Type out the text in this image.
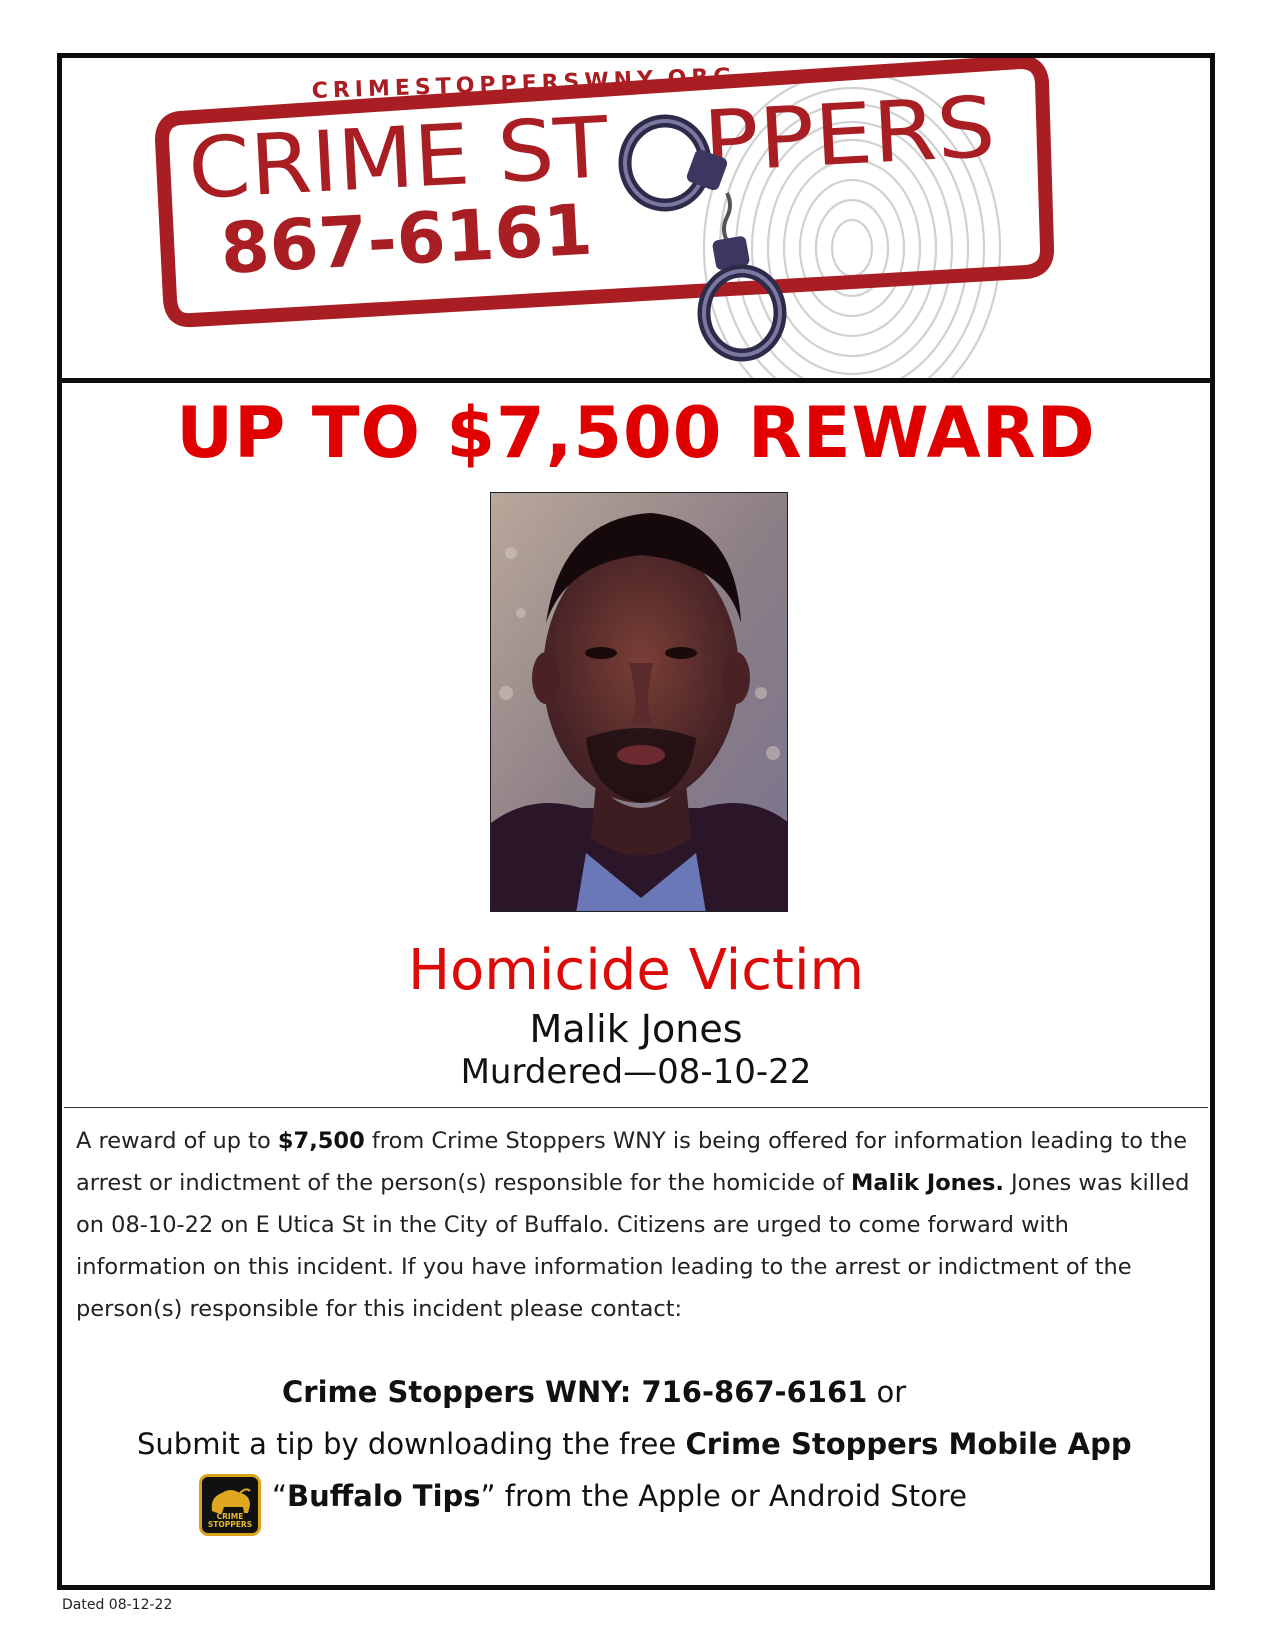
CRIMESTOPPERSWNY.ORG
CRIME ST PPERS
867-6161
UP TO $7,500 REWARD
Homicide Victim
Malik Jones
Murdered—08-10-22
A reward of up to $7,500 from Crime Stoppers WNY is being offered for information leading to the arrest or indictment of the person(s) responsible for the homicide of Malik Jones. Jones was killed on 08-10-22 on E Utica St in the City of Buffalo. Citizens are urged to come forward with information on this incident. If you have information leading to the arrest or indictment of the person(s) responsible for this incident please contact:
Crime Stoppers WNY: 716-867-6161 or
Submit a tip by downloading the free Crime Stoppers Mobile App
CRIME STOPPERS
“Buffalo Tips” from the Apple or Android Store
Dated 08-12-22
